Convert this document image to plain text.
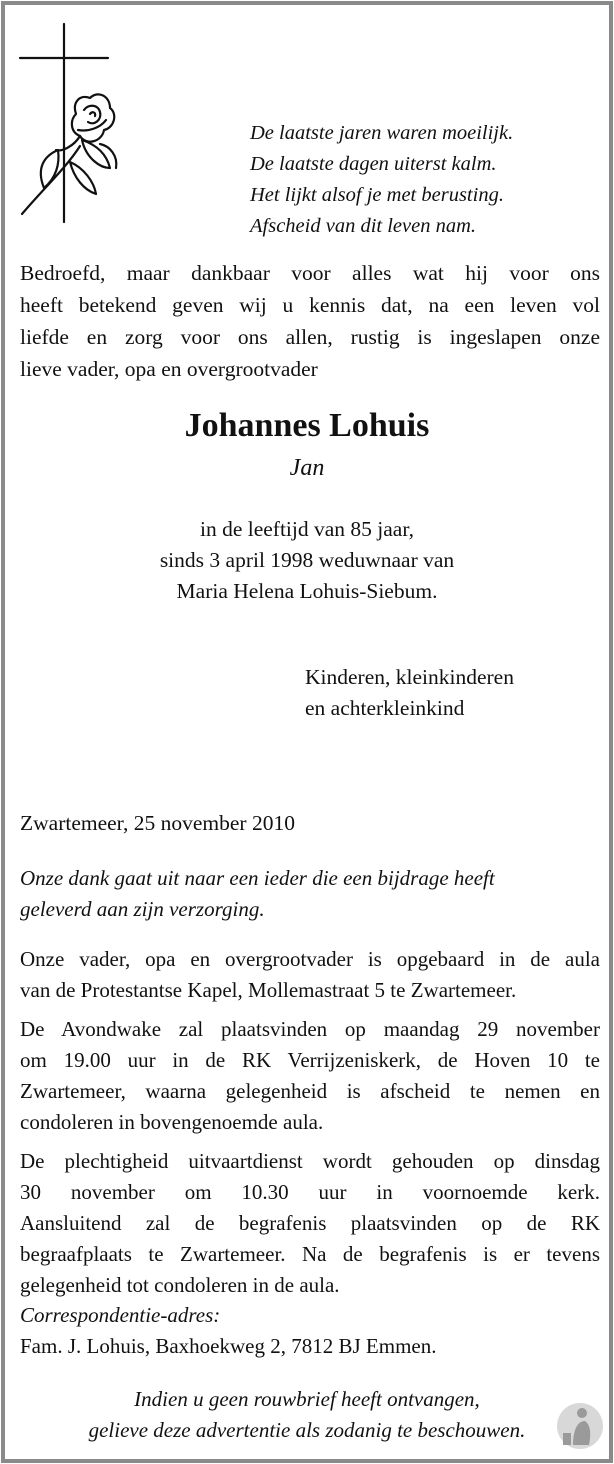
De laatste jaren waren moeilijk.
De laatste dagen uiterst kalm.
Het lijkt alsof je met berusting.
Afscheid van dit leven nam.
Bedroefd, maar dankbaar voor alles wat hij voor ons
heeft betekend geven wij u kennis dat, na een leven vol
liefde en zorg voor ons allen, rustig is ingeslapen onze
lieve vader, opa en overgrootvader
Johannes Lohuis
Jan
in de leeftijd van 85 jaar,
sinds 3 april 1998 weduwnaar van
Maria Helena Lohuis-Siebum.
Kinderen, kleinkinderen
en achterkleinkind
Zwartemeer, 25 november 2010
Onze dank gaat uit naar een ieder die een bijdrage heeft
geleverd aan zijn verzorging.
Onze vader, opa en overgrootvader is opgebaard in de aula
van de Protestantse Kapel, Mollemastraat 5 te Zwartemeer.
De Avondwake zal plaatsvinden op maandag 29 november
om 19.00 uur in de RK Verrijzeniskerk, de Hoven 10 te
Zwartemeer, waarna gelegenheid is afscheid te nemen en
condoleren in bovengenoemde aula.
De plechtigheid uitvaartdienst wordt gehouden op dinsdag
30 november om 10.30 uur in voornoemde kerk.
Aansluitend zal de begrafenis plaatsvinden op de RK
begraafplaats te Zwartemeer. Na de begrafenis is er tevens
gelegenheid tot condoleren in de aula.
Correspondentie-adres:
Fam. J. Lohuis, Baxhoekweg 2, 7812 BJ Emmen.
Indien u geen rouwbrief heeft ontvangen,
gelieve deze advertentie als zodanig te beschouwen.
